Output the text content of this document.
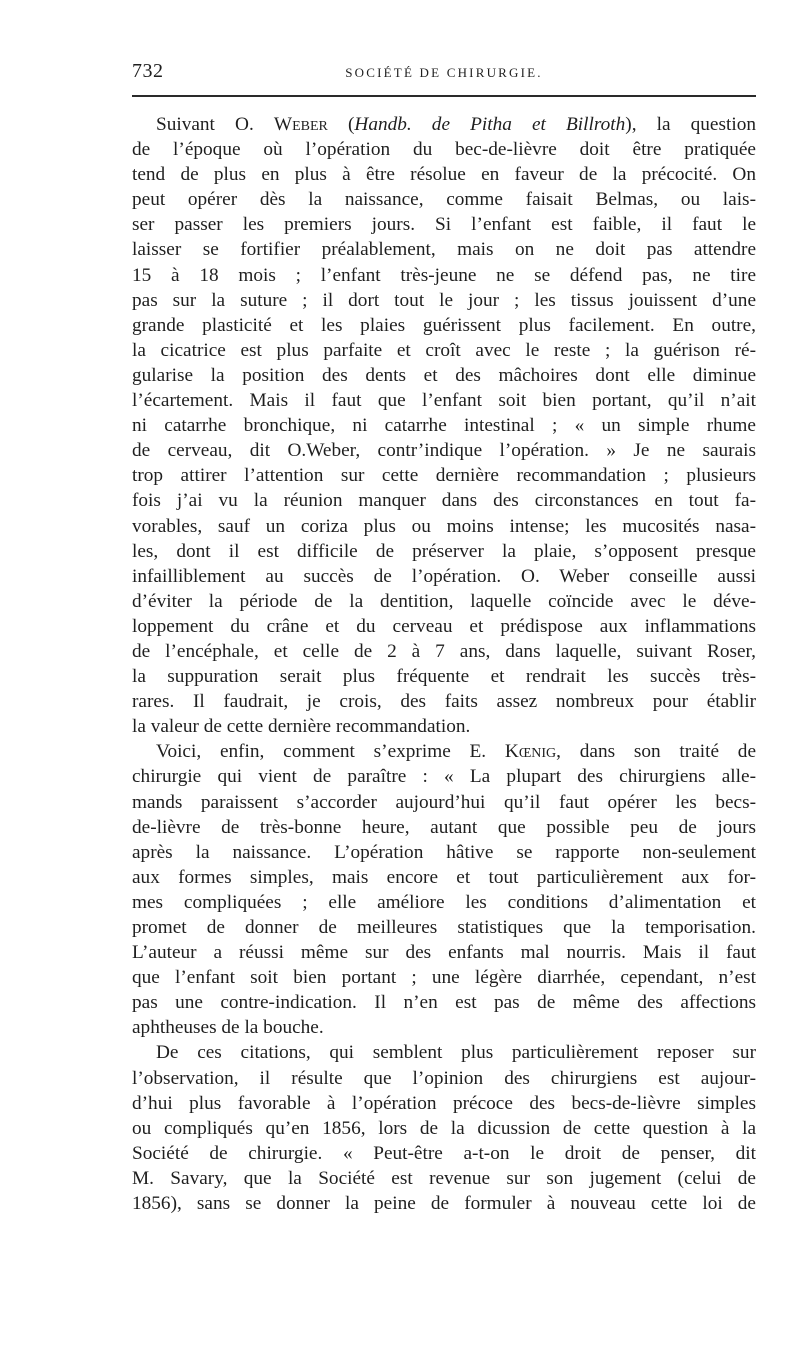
732	SOCIÉTÉ DE CHIRURGIE.
Suivant O. Weber (Handb. de Pitha et Billroth), la question
de l’époque où l’opération du bec-de-lièvre doit être pratiquée
tend de plus en plus à être résolue en faveur de la précocité. On
peut opérer dès la naissance, comme faisait Belmas, ou lais-
ser passer les premiers jours. Si l’enfant est faible, il faut le
laisser se fortifier préalablement, mais on ne doit pas attendre
15 à 18 mois ; l’enfant très-jeune ne se défend pas, ne tire
pas sur la suture ; il dort tout le jour ; les tissus jouissent d’une
grande plasticité et les plaies guérissent plus facilement. En outre,
la cicatrice est plus parfaite et croît avec le reste ; la guérison ré-
gularise la position des dents et des mâchoires dont elle diminue
l’écartement. Mais il faut que l’enfant soit bien portant, qu’il n’ait
ni catarrhe bronchique, ni catarrhe intestinal ; « un simple rhume
de cerveau, dit O.Weber, contr’indique l’opération. » Je ne saurais
trop attirer l’attention sur cette dernière recommandation ; plusieurs
fois j’ai vu la réunion manquer dans des circonstances en tout fa-
vorables, sauf un coriza plus ou moins intense; les mucosités nasa-
les, dont il est difficile de préserver la plaie, s’opposent presque
infailliblement au succès de l’opération. O. Weber conseille aussi
d’éviter la période de la dentition, laquelle coïncide avec le déve-
loppement du crâne et du cerveau et prédispose aux inflammations
de l’encéphale, et celle de 2 à 7 ans, dans laquelle, suivant Roser,
la suppuration serait plus fréquente et rendrait les succès très-
rares. Il faudrait, je crois, des faits assez nombreux pour établir
la valeur de cette dernière recommandation.
Voici, enfin, comment s’exprime E. Kœnig, dans son traité de
chirurgie qui vient de paraître : « La plupart des chirurgiens alle-
mands paraissent s’accorder aujourd’hui qu’il faut opérer les becs-
de-lièvre de très-bonne heure, autant que possible peu de jours
après la naissance. L’opération hâtive se rapporte non-seulement
aux formes simples, mais encore et tout particulièrement aux for-
mes compliquées ; elle améliore les conditions d’alimentation et
promet de donner de meilleures statistiques que la temporisation.
L’auteur a réussi même sur des enfants mal nourris. Mais il faut
que l’enfant soit bien portant ; une légère diarrhée, cependant, n’est
pas une contre-indication. Il n’en est pas de même des affections
aphtheuses de la bouche.
De ces citations, qui semblent plus particulièrement reposer sur
l’observation, il résulte que l’opinion des chirurgiens est aujour-
d’hui plus favorable à l’opération précoce des becs-de-lièvre simples
ou compliqués qu’en 1856, lors de la dicussion de cette question à la
Société de chirurgie. « Peut-être a-t-on le droit de penser, dit
M. Savary, que la Société est revenue sur son jugement (celui de
1856), sans se donner la peine de formuler à nouveau cette loi de
